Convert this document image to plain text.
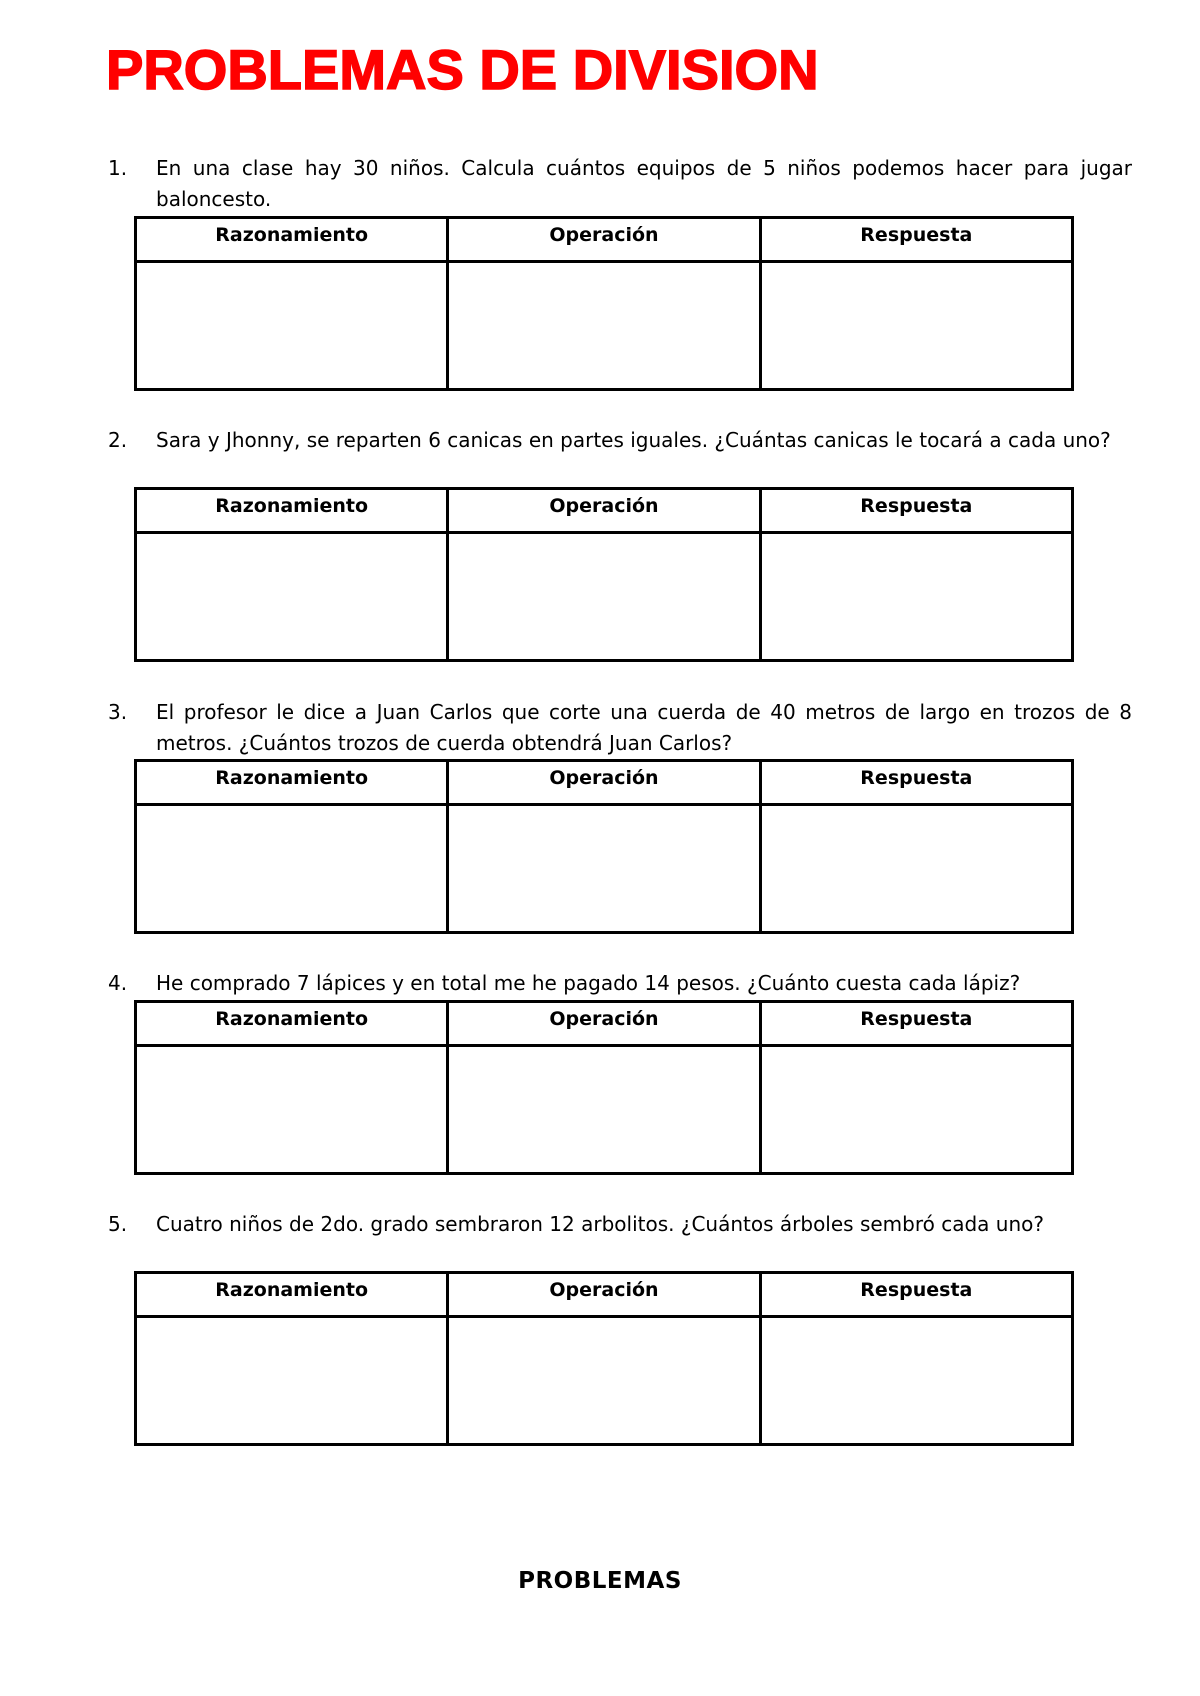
PROBLEMAS DE DIVISION
1.	En una clase hay 30 niños. Calcula cuántos equipos de 5 niños podemos hacer para jugar baloncesto.
Razonamiento	Operación	Respuesta

2.	Sara y Jhonny, se reparten 6 canicas en partes iguales. ¿Cuántas canicas le tocará a cada uno?
Razonamiento	Operación	Respuesta

3.	El profesor le dice a Juan Carlos que corte una cuerda de 40 metros de largo en trozos de 8 metros. ¿Cuántos trozos de cuerda obtendrá Juan Carlos?
Razonamiento	Operación	Respuesta

4.	He comprado 7 lápices y en total me he pagado 14 pesos. ¿Cuánto cuesta cada lápiz?
Razonamiento	Operación	Respuesta

5.	Cuatro niños de 2do. grado sembraron 12 arbolitos. ¿Cuántos árboles sembró cada uno?
Razonamiento	Operación	Respuesta

PROBLEMAS
